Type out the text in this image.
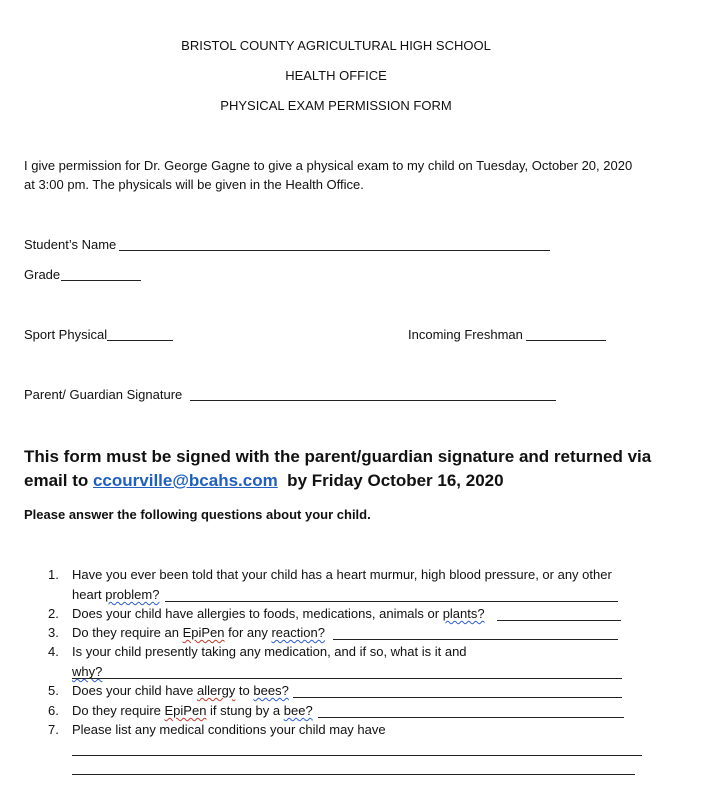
BRISTOL COUNTY AGRICULTURAL HIGH SCHOOL
HEALTH OFFICE
PHYSICAL EXAM PERMISSION FORM
I give permission for Dr. George Gagne to give a physical exam to my child on Tuesday, October 20, 2020
at 3:00 pm. The physicals will be given in the Health Office.
Student’s Name
Grade
Sport Physical	Incoming Freshman
Parent/ Guardian Signature
This form must be signed with the parent/guardian signature and returned via
email to ccourville@bcahs.com  by Friday October 16, 2020
Please answer the following questions about your child.
1. Have you ever been told that your child has a heart murmur, high blood pressure, or any other
heart problem?
2. Does your child have allergies to foods, medications, animals or plants?
3. Do they require an EpiPen for any reaction?
4. Is your child presently taking any medication, and if so, what is it and
why?
5. Does your child have allergy to bees?
6. Do they require EpiPen if stung by a bee?
7. Please list any medical conditions your child may have
